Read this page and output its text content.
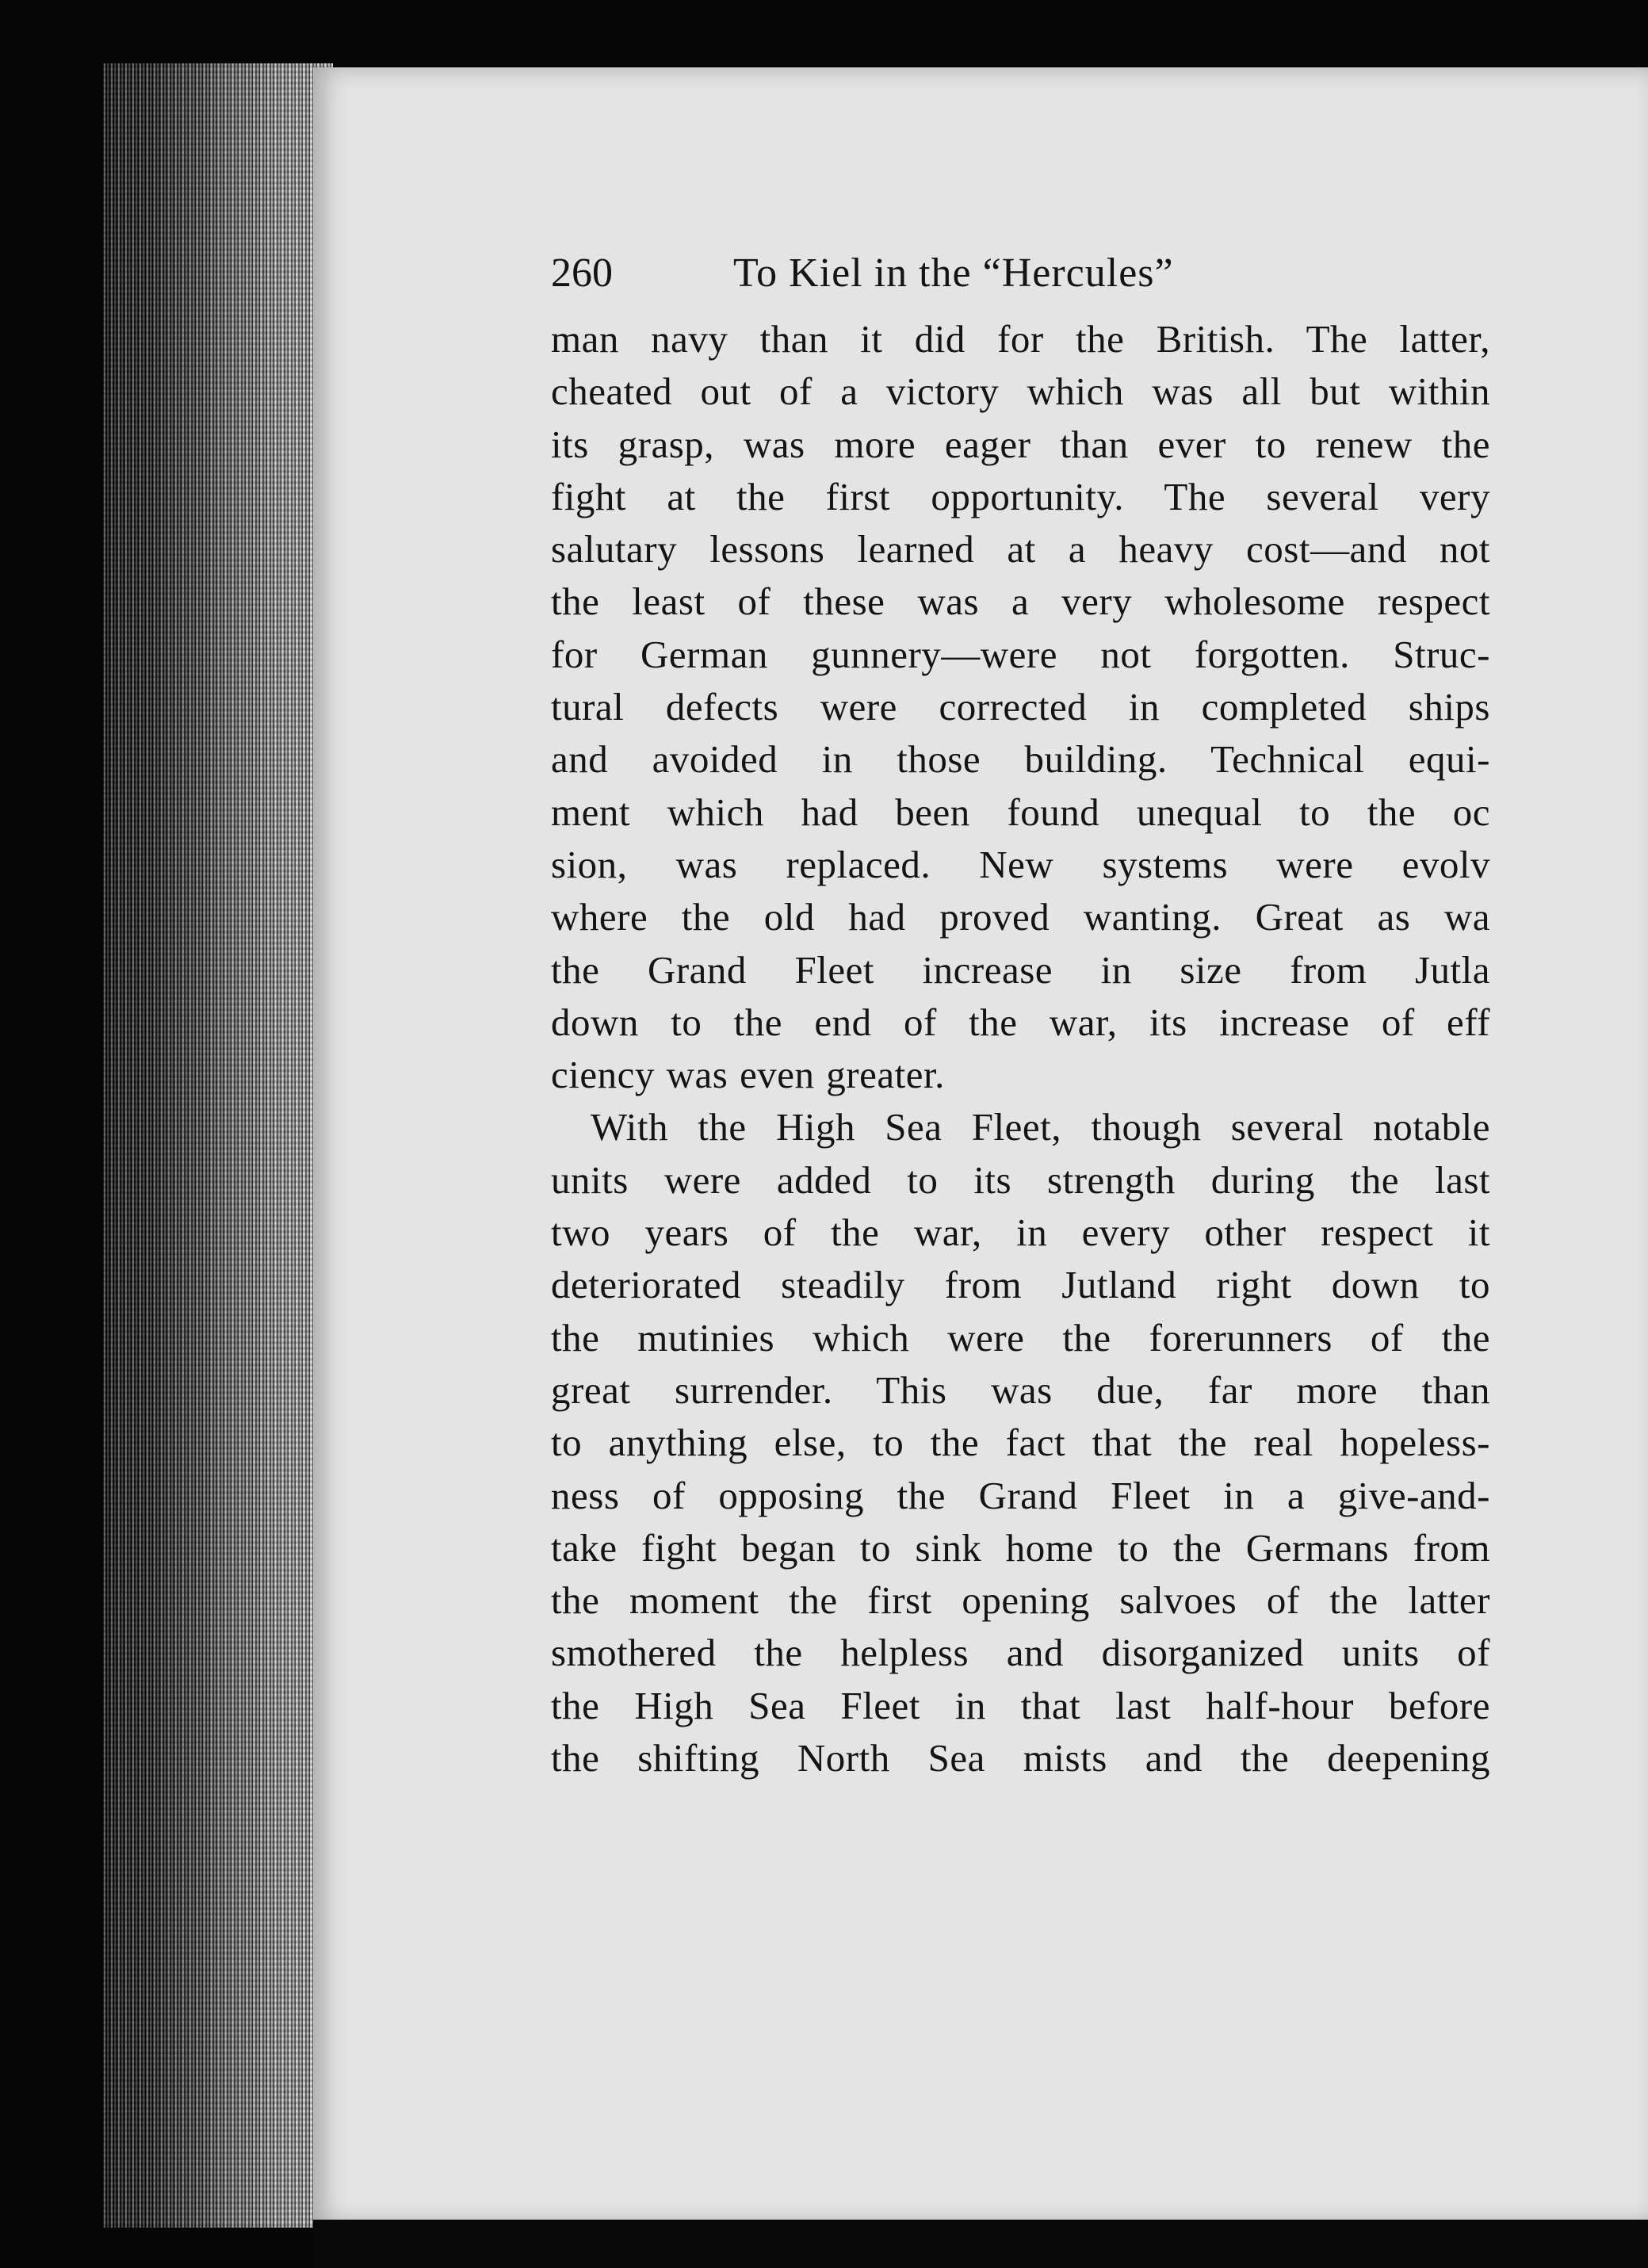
260	To Kiel in the “Hercules”
man navy than it did for the British. The latter,
cheated out of a victory which was all but within
its grasp, was more eager than ever to renew the
fight at the first opportunity. The several very
salutary lessons learned at a heavy cost—and not
the least of these was a very wholesome respect
for German gunnery—were not forgotten. Struc-
tural defects were corrected in completed ships
and avoided in those building. Technical equi-
ment which had been found unequal to the oc
sion, was replaced. New systems were evolv
where the old had proved wanting. Great as wa
the Grand Fleet increase in size from Jutla
down to the end of the war, its increase of eff
ciency was even greater.
With the High Sea Fleet, though several notable
units were added to its strength during the last
two years of the war, in every other respect it
deteriorated steadily from Jutland right down to
the mutinies which were the forerunners of the
great surrender. This was due, far more than
to anything else, to the fact that the real hopeless-
ness of opposing the Grand Fleet in a give-and-
take fight began to sink home to the Germans from
the moment the first opening salvoes of the latter
smothered the helpless and disorganized units of
the High Sea Fleet in that last half-hour before
the shifting North Sea mists and the deepening
